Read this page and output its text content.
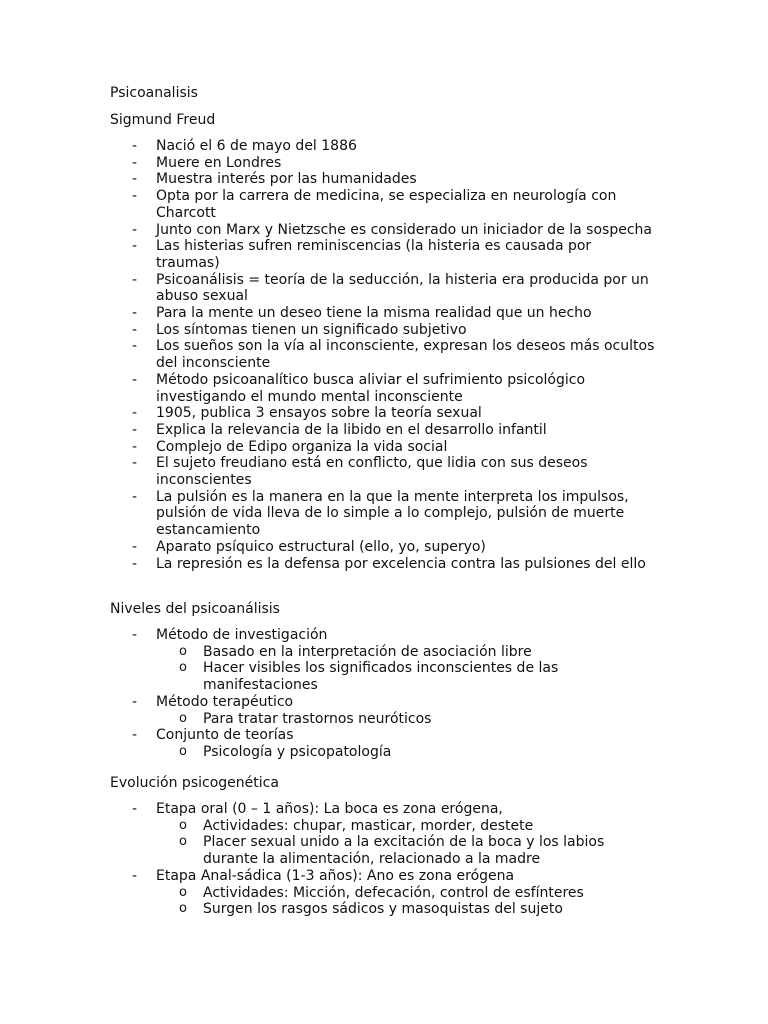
Psicoanalisis
Sigmund Freud
- Nació el 6 de mayo del 1886
- Muere en Londres
- Muestra interés por las humanidades
- Opta por la carrera de medicina, se especializa en neurología con Charcott
- Junto con Marx y Nietzsche es considerado un iniciador de la sospecha
- Las histerias sufren reminiscencias (la histeria es causada por traumas)
- Psicoanálisis = teoría de la seducción, la histeria era producida por un abuso sexual
- Para la mente un deseo tiene la misma realidad que un hecho
- Los síntomas tienen un significado subjetivo
- Los sueños son la vía al inconsciente, expresan los deseos más ocultos del inconsciente
- Método psicoanalítico busca aliviar el sufrimiento psicológico investigando el mundo mental inconsciente
- 1905, publica 3 ensayos sobre la teoría sexual
- Explica la relevancia de la libido en el desarrollo infantil
- Complejo de Edipo organiza la vida social
- El sujeto freudiano está en conflicto, que lidia con sus deseos inconscientes
- La pulsión es la manera en la que la mente interpreta los impulsos, pulsión de vida lleva de lo simple a lo complejo, pulsión de muerte estancamiento
- Aparato psíquico estructural (ello, yo, superyo)
- La represión es la defensa por excelencia contra las pulsiones del ello
Niveles del psicoanálisis
- Método de investigación
o Basado en la interpretación de asociación libre
o Hacer visibles los significados inconscientes de las manifestaciones
- Método terapéutico
o Para tratar trastornos neuróticos
- Conjunto de teorías
o Psicología y psicopatología
Evolución psicogenética
- Etapa oral (0 – 1 años): La boca es zona erógena,
o Actividades: chupar, masticar, morder, destete
o Placer sexual unido a la excitación de la boca y los labios durante la alimentación, relacionado a la madre
- Etapa Anal-sádica (1-3 años): Ano es zona erógena
o Actividades: Micción, defecación, control de esfínteres
o Surgen los rasgos sádicos y masoquistas del sujeto
